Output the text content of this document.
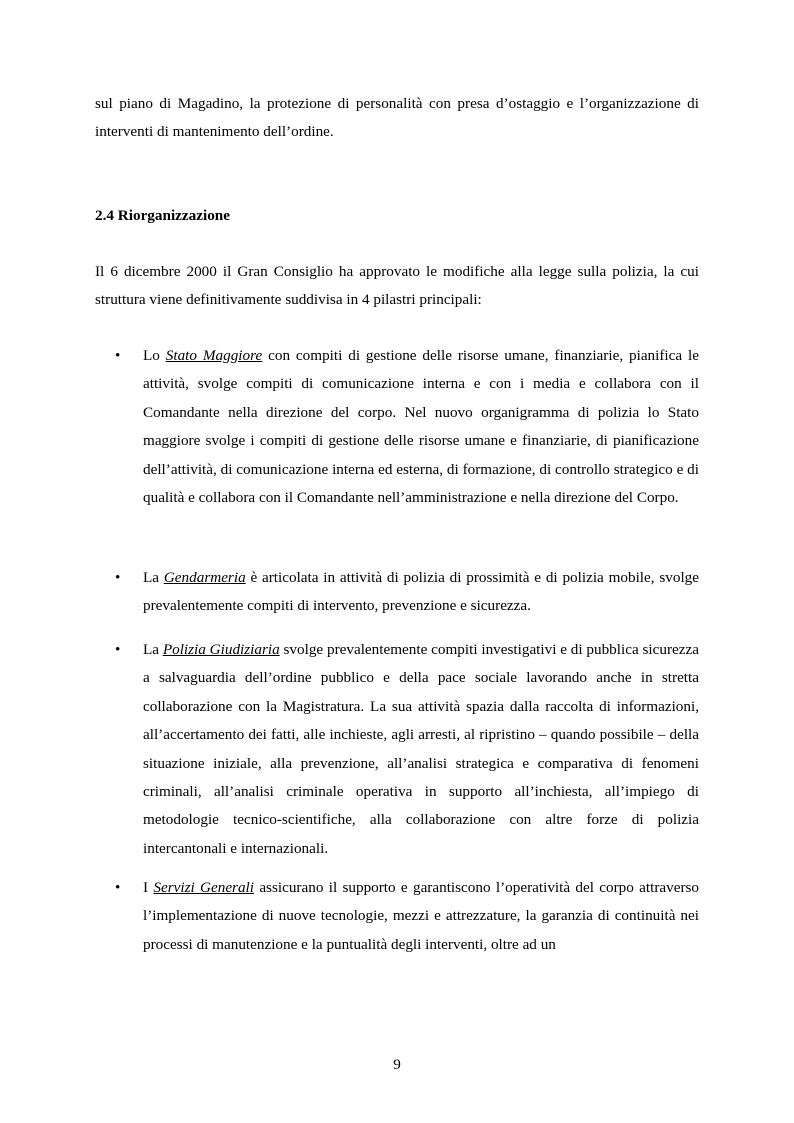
sul piano di Magadino, la protezione di personalità con presa d’ostaggio e l’organizzazione di interventi di mantenimento dell’ordine.

2.4 Riorganizzazione

Il 6 dicembre 2000 il Gran Consiglio ha approvato le modifiche alla legge sulla polizia, la cui struttura viene definitivamente suddivisa in 4 pilastri principali:

• Lo Stato Maggiore con compiti di gestione delle risorse umane, finanziarie, pianifica le attività, svolge compiti di comunicazione interna e con i media e collabora con il Comandante nella direzione del corpo. Nel nuovo organigramma di polizia lo Stato maggiore svolge i compiti di gestione delle risorse umane e finanziarie, di pianificazione dell’attività, di comunicazione interna ed esterna, di formazione, di controllo strategico e di qualità e collabora con il Comandante nell’amministrazione e nella direzione del Corpo.
• La Gendarmeria è articolata in attività di polizia di prossimità e di polizia mobile, svolge prevalentemente compiti di intervento, prevenzione e sicurezza.
• La Polizia Giudiziaria svolge prevalentemente compiti investigativi e di pubblica sicurezza a salvaguardia dell’ordine pubblico e della pace sociale lavorando anche in stretta collaborazione con la Magistratura. La sua attività spazia dalla raccolta di informazioni, all’accertamento dei fatti, alle inchieste, agli arresti, al ripristino – quando possibile – della situazione iniziale, alla prevenzione, all’analisi strategica e comparativa di fenomeni criminali, all’analisi criminale operativa in supporto all’inchiesta, all’impiego di metodologie tecnico-scientifiche, alla collaborazione con altre forze di polizia intercantonali e internazionali.
• I Servizi Generali assicurano il supporto e garantiscono l’operatività del corpo attraverso l’implementazione di nuove tecnologie, mezzi e attrezzature, la garanzia di continuità nei processi di manutenzione e la puntualità degli interventi, oltre ad un
9
